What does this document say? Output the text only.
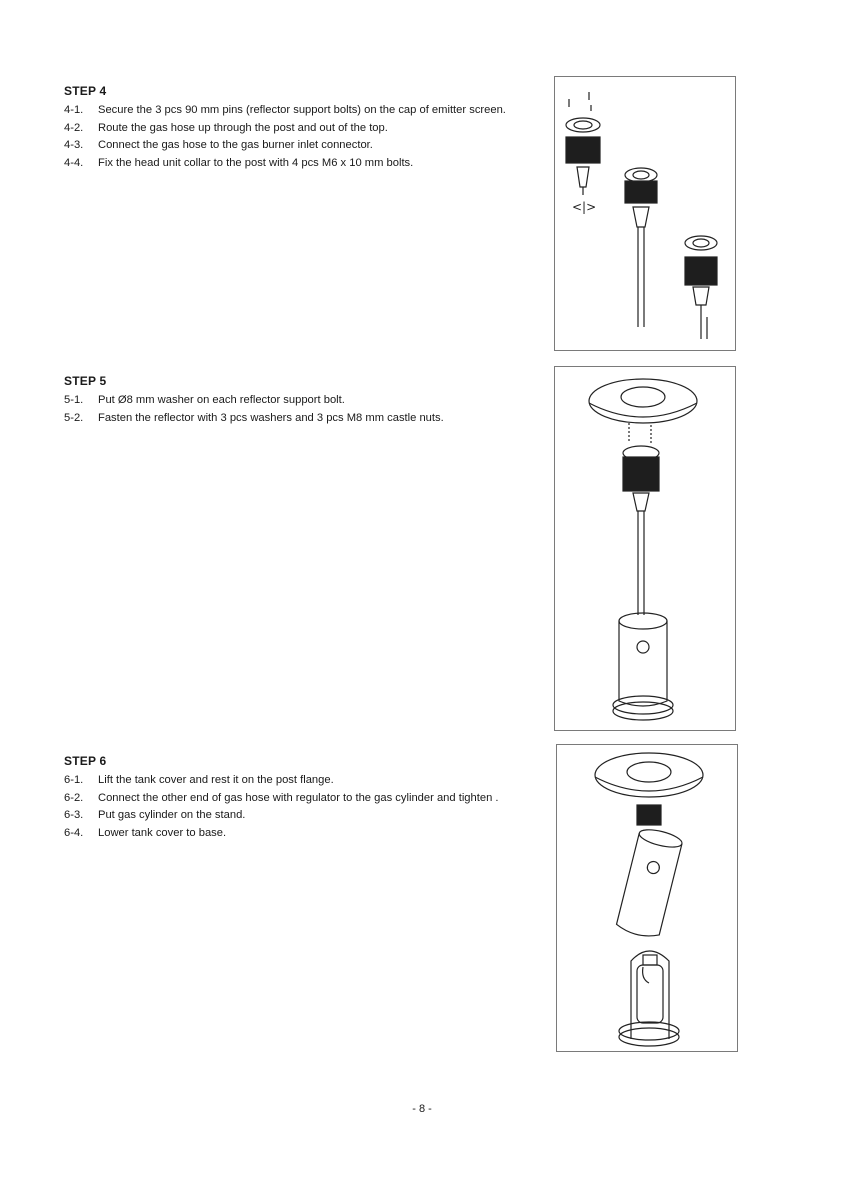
STEP 4
4-1.	Secure the 3 pcs 90 mm pins (reflector support bolts) on the cap of emitter screen.
4-2.	Route the gas hose up through the post and out of the top.
4-3.	Connect the gas hose to the gas burner inlet connector.
4-4.	Fix the head unit collar to the post with 4 pcs M6 x 10 mm bolts.
<|>
STEP 5
5-1.	Put Ø8 mm washer on each reflector support bolt.
5-2.	Fasten the reflector with 3 pcs washers and 3 pcs M8 mm castle nuts.
STEP 6
6-1.	Lift the tank cover and rest it on the post flange.
6-2.	Connect the other end of gas hose with regulator to the gas cylinder and tighten .
6-3.	Put gas cylinder on the stand.
6-4.	Lower tank cover to base.
- 8 -
